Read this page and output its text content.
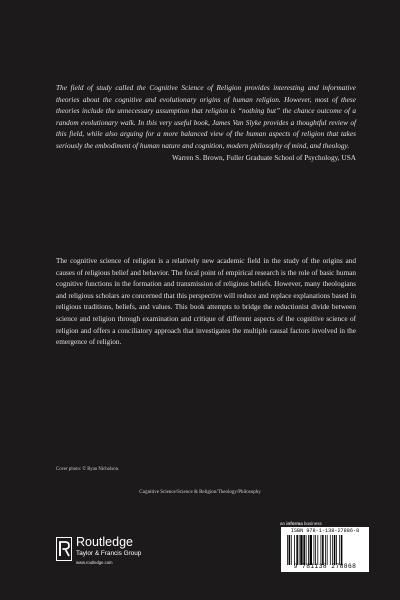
The field of study called the Cognitive Science of Religion provides interesting and informative theories about the cognitive and evolutionary origins of human religion. However, most of these theories include the unnecessary assumption that religion is “nothing but” the chance outcome of a random evolutionary walk. In this very useful book, James Van Slyke provides a thoughtful review of this field, while also arguing for a more balanced view of the human aspects of religion that takes seriously the embodiment of human nature and cognition, modern philosophy of mind, and theology.
Warren S. Brown, Fuller Graduate School of Psychology, USA
The cognitive science of religion is a relatively new academic field in the study of the origins and causes of religious belief and behavior. The focal point of empirical research is the role of basic human cognitive functions in the formation and transmission of religious beliefs. However, many theologians and religious scholars are concerned that this perspective will reduce and replace explanations based in religious traditions, beliefs, and values. This book attempts to bridge the reductionist divide between science and religion through examination and critique of different aspects of the cognitive science of religion and offers a conciliatory approach that investigates the multiple causal factors involved in the emergence of religion.
Cover photo: © Ryan Nicholson.
Cognitive Science/Science & Religion/Theology/Philosophy
Routledge
Taylor & Francis Group
www.routledge.com
an informa business
ISBN 978-1-138-27886-8
9 781138 278868
